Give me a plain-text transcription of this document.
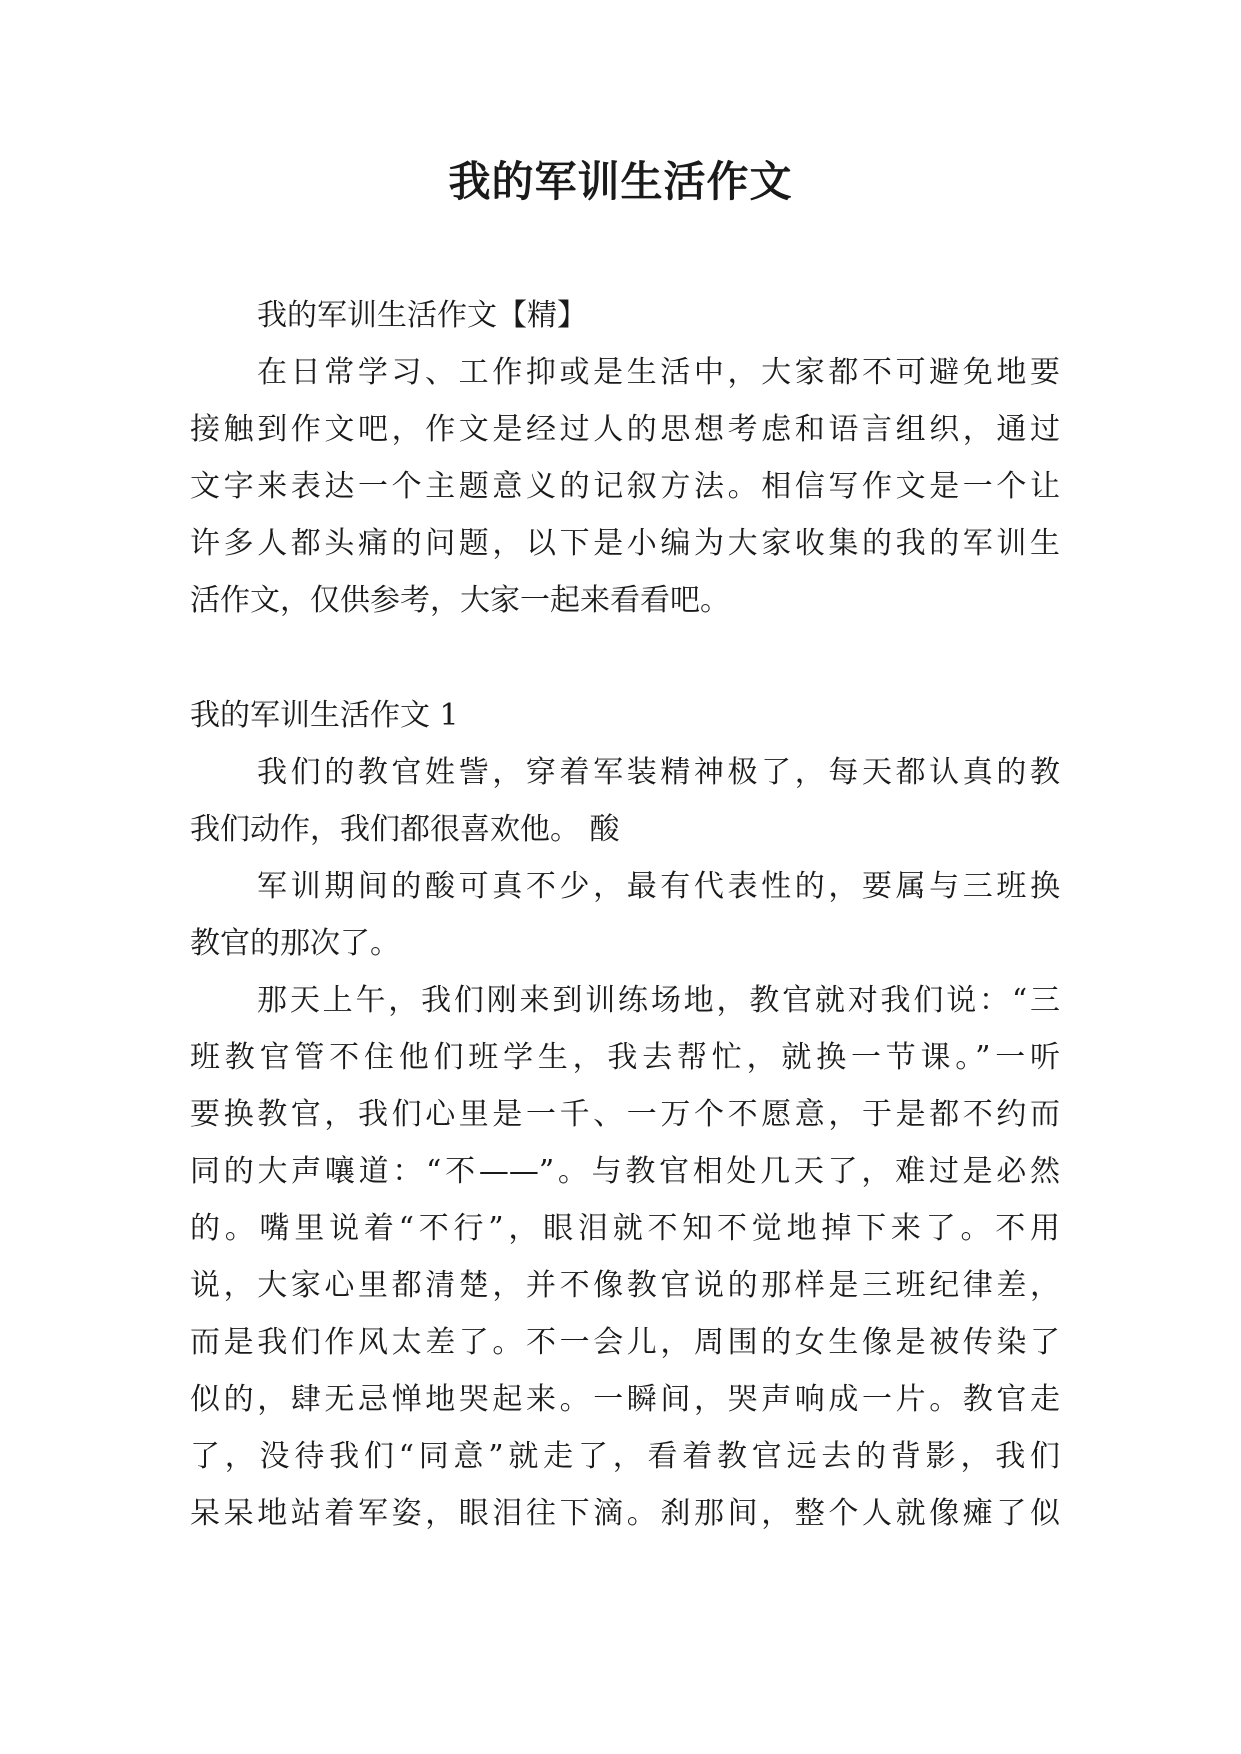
我的军训生活作文

我的军训生活作文【精】

在日常学习、工作抑或是生活中，大家都不可避免地要

接触到作文吧，作文是经过人的思想考虑和语言组织，通过

文字来表达一个主题意义的记叙方法。相信写作文是一个让

许多人都头痛的问题，以下是小编为大家收集的我的军训生

活作文，仅供参考，大家一起来看看吧。

我的军训生活作文 1

我们的教官姓訾，穿着军装精神极了，每天都认真的教

我们动作，我们都很喜欢他。 酸

军训期间的酸可真不少，最有代表性的，要属与三班换

教官的那次了。

那天上午，我们刚来到训练场地，教官就对我们说：“三

班教官管不住他们班学生，我去帮忙，就换一节课。”一听

要换教官，我们心里是一千、一万个不愿意，于是都不约而

同的大声嚷道：“不——”。与教官相处几天了，难过是必然

的。嘴里说着“不行”，眼泪就不知不觉地掉下来了。不用

说，大家心里都清楚，并不像教官说的那样是三班纪律差，

而是我们作风太差了。不一会儿，周围的女生像是被传染了

似的，肆无忌惮地哭起来。一瞬间，哭声响成一片。教官走

了，没待我们“同意”就走了，看着教官远去的背影，我们

呆呆地站着军姿，眼泪往下滴。刹那间，整个人就像瘫了似
